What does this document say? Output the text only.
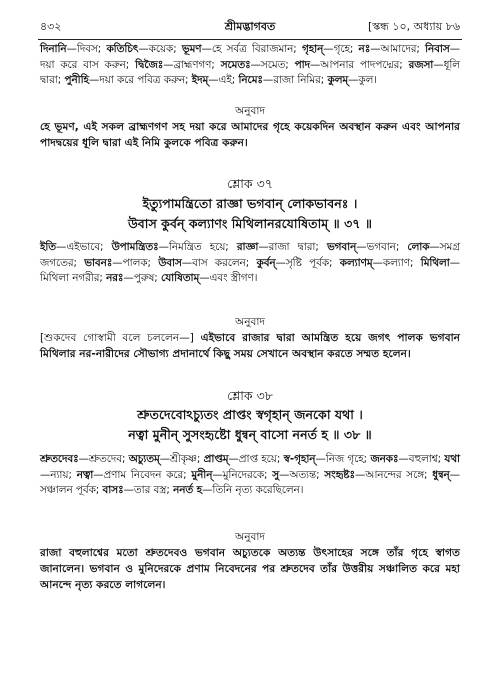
৪৩২	শ্রীমদ্ভাগবত	[স্কন্ধ ১০, অধ্যায় ৮৬

দিনানি—দিবস; কতিচিৎ—কয়েক; ভূমণ—হে সর্বত্র বিরাজমান; গৃহান্—গৃহে; নঃ—আমাদের; নিবাস—দয়া করে বাস করুন; দ্বিজৈঃ—ব্রাহ্মণগণ; সমেতঃ—সমেত; পাদ—আপনার পাদপদ্মের; রজসা—ধূলি দ্বারা; পুনীহি—দয়া করে পবিত্র করুন; ইদম্—এই; নিমেঃ—রাজা নিমির; কুলম্—কুল।

অনুবাদ

হে ভূমণ, এই সকল ব্রাহ্মণগণ সহ দয়া করে আমাদের গৃহে কয়েকদিন অবস্থান করুন এবং আপনার পাদদ্বয়ের ধূলি দ্বারা এই নিমি কুলকে পবিত্র করুন।

শ্লোক ৩৭

ইত্যুপামন্ত্রিতো রাজ্ঞা ভগবান্ লোকভাবনঃ ।

উবাস কুর্বন্ কল্যাণং মিথিলানরযোষিতাম্ ॥ ৩৭ ॥

ইতি—এইভাবে; উপামন্ত্রিতঃ—নিমন্ত্রিত হয়ে; রাজ্ঞা—রাজা দ্বারা; ভগবান্—ভগবান; লোক—সমগ্র জগতের; ভাবনঃ—পালক; উবাস—বাস করলেন; কুর্বন্—সৃষ্টি পূর্বক; কল্যাণম্—কল্যাণ; মিথিলা—মিথিলা নগরীর; নরঃ—পুরুষ; যোষিতাম্—এবং স্ত্রীগণ।

অনুবাদ

[শুকদেব গোস্বামী বলে চললেন—] এইভাবে রাজার দ্বারা আমন্ত্রিত হয়ে জগৎ পালক ভগবান মিথিলার নর-নারীদের সৌভাগ্য প্রদানার্থে কিছু সময় সেখানে অবস্থান করতে সম্মত হলেন।

শ্লোক ৩৮

শ্রুতদেবোঽচ্যুতং প্রাপ্তং স্বগৃহান্ জনকো যথা ।

নত্বা মুনীন্ সুসংহৃষ্টো ধুন্বন্ বাসো ননর্ত হ ॥ ৩৮ ॥

শ্রুতদেবঃ—শ্রুতদেব; অচ্যুতম্—শ্রীকৃষ্ণ; প্রাপ্তম্—প্রাপ্ত হয়ে; স্ব-গৃহান্—নিজ গৃহে; জনকঃ—বহুলাশ্ব; যথা—ন্যায়; নত্বা—প্রণাম নিবেদন করে; মুনীন্—মুনিদেরকে; সু—অত্যন্ত; সংহৃষ্টঃ—আনন্দের সঙ্গে; ধুন্বন্—সঞ্চালন পূর্বক; বাসঃ—তার বস্ত্র; ননর্ত হ—তিনি নৃত্য করেছিলেন।

অনুবাদ

রাজা বহুলাশ্বের মতো শ্রুতদেবও ভগবান অচ্যুতকে অত্যন্ত উৎসাহের সঙ্গে তাঁর গৃহে স্বাগত জানালেন। ভগবান ও মুনিদেরকে প্রণাম নিবেদনের পর শ্রুতদেব তাঁর উত্তরীয় সঞ্চালিত করে মহা আনন্দে নৃত্য করতে লাগলেন।
